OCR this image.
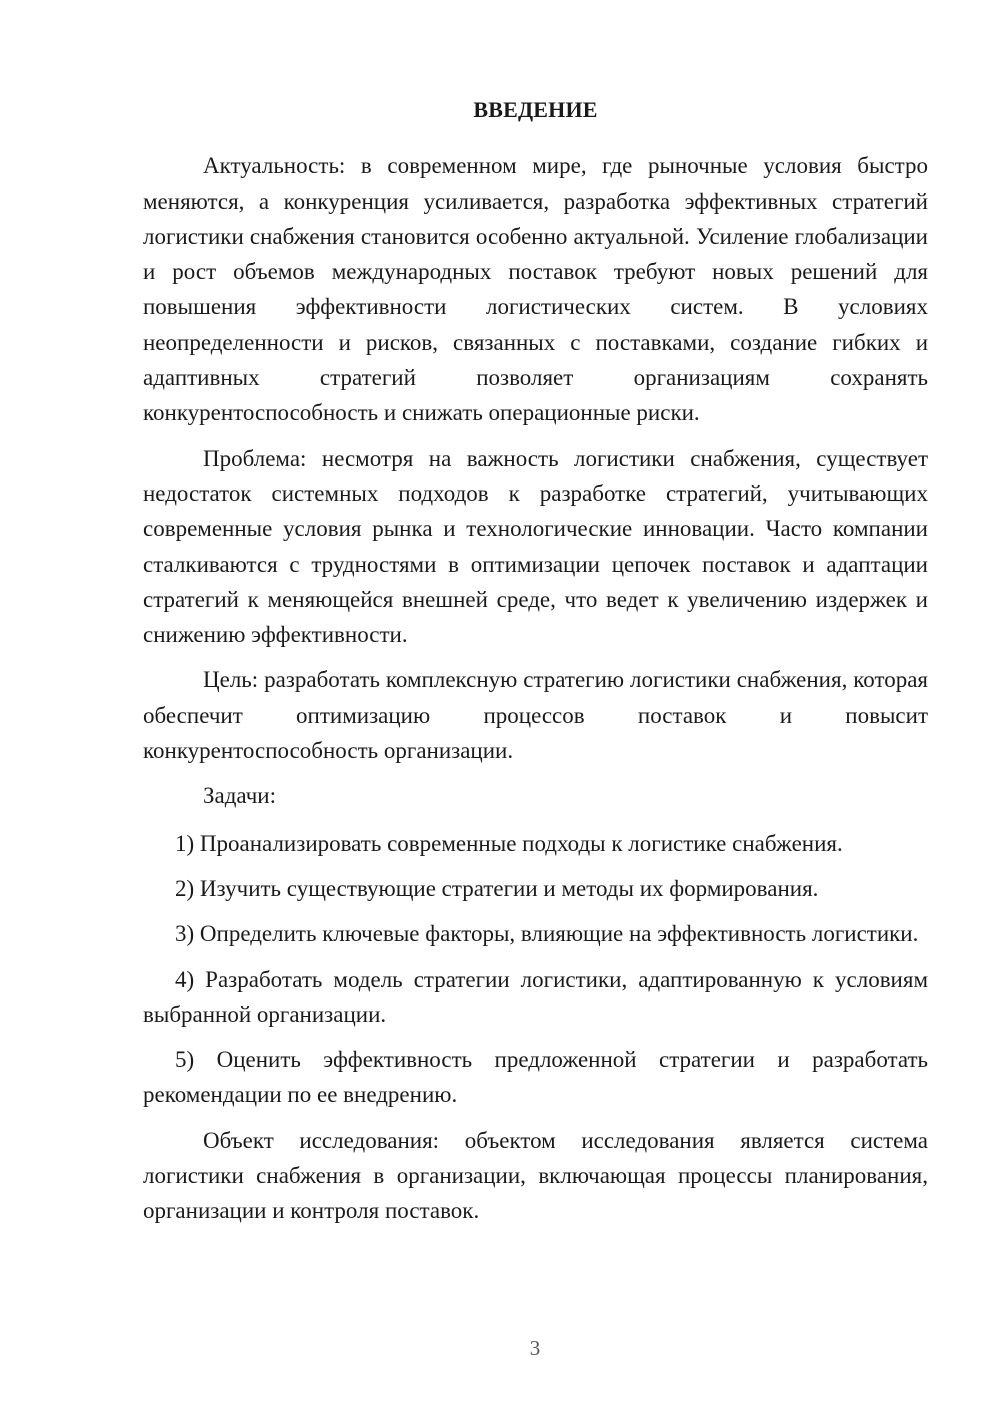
ВВЕДЕНИЕ

Актуальность: в современном мире, где рыночные условия быстро меняются, а конкуренция усиливается, разработка эффективных стратегий логистики снабжения становится особенно актуальной. Усиление глобализации и рост объемов международных поставок требуют новых решений для повышения эффективности логистических систем. В условиях неопределенности и рисков, связанных с поставками, создание гибких и адаптивных стратегий позволяет организациям сохранять конкурентоспособность и снижать операционные риски.

Проблема: несмотря на важность логистики снабжения, существует недостаток системных подходов к разработке стратегий, учитывающих современные условия рынка и технологические инновации. Часто компании сталкиваются с трудностями в оптимизации цепочек поставок и адаптации стратегий к меняющейся внешней среде, что ведет к увеличению издержек и снижению эффективности.

Цель: разработать комплексную стратегию логистики снабжения, которая обеспечит оптимизацию процессов поставок и повысит конкурентоспособность организации.

Задачи:

1) Проанализировать современные подходы к логистике снабжения.

2) Изучить существующие стратегии и методы их формирования.

3) Определить ключевые факторы, влияющие на эффективность логистики.

4) Разработать модель стратегии логистики, адаптированную к условиям выбранной организации.

5) Оценить эффективность предложенной стратегии и разработать рекомендации по ее внедрению.

Объект исследования: объектом исследования является система логистики снабжения в организации, включающая процессы планирования, организации и контроля поставок.

3
